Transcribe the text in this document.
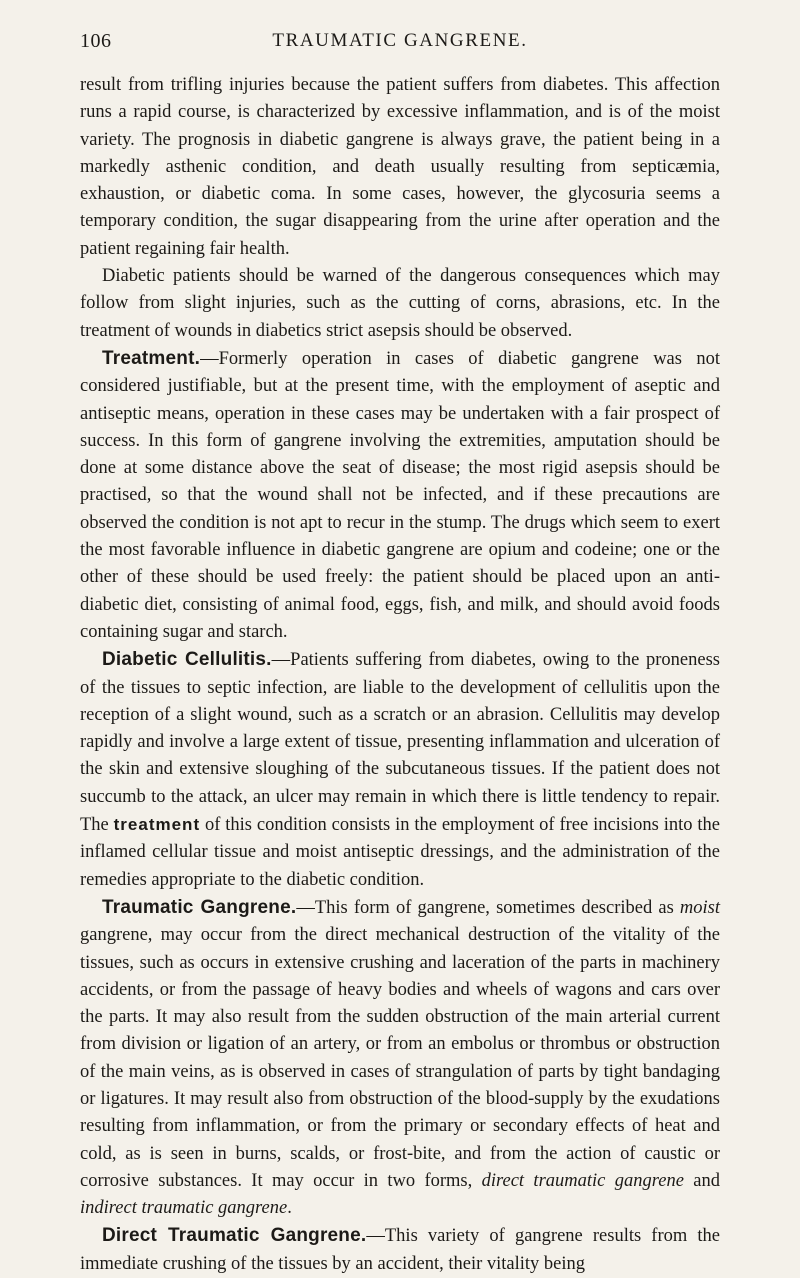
106	TRAUMATIC GANGRENE.

result from trifling injuries because the patient suffers from diabetes. This affection runs a rapid course, is characterized by excessive inflammation, and is of the moist variety. The prognosis in diabetic gangrene is always grave, the patient being in a markedly asthenic condition, and death usually resulting from septicæmia, exhaustion, or diabetic coma. In some cases, however, the glycosuria seems a temporary condition, the sugar disappearing from the urine after operation and the patient regaining fair health.

Diabetic patients should be warned of the dangerous consequences which may follow from slight injuries, such as the cutting of corns, abrasions, etc. In the treatment of wounds in diabetics strict asepsis should be observed.

Treatment.—Formerly operation in cases of diabetic gangrene was not considered justifiable, but at the present time, with the employment of aseptic and antiseptic means, operation in these cases may be undertaken with a fair prospect of success. In this form of gangrene involving the extremities, amputation should be done at some distance above the seat of disease; the most rigid asepsis should be practised, so that the wound shall not be infected, and if these precautions are observed the condition is not apt to recur in the stump. The drugs which seem to exert the most favorable influence in diabetic gangrene are opium and codeine; one or the other of these should be used freely: the patient should be placed upon an anti-diabetic diet, consisting of animal food, eggs, fish, and milk, and should avoid foods containing sugar and starch.

Diabetic Cellulitis.—Patients suffering from diabetes, owing to the proneness of the tissues to septic infection, are liable to the development of cellulitis upon the reception of a slight wound, such as a scratch or an abrasion. Cellulitis may develop rapidly and involve a large extent of tissue, presenting inflammation and ulceration of the skin and extensive sloughing of the subcutaneous tissues. If the patient does not succumb to the attack, an ulcer may remain in which there is little tendency to repair. The treatment of this condition consists in the employment of free incisions into the inflamed cellular tissue and moist antiseptic dressings, and the administration of the remedies appropriate to the diabetic condition.

Traumatic Gangrene.—This form of gangrene, sometimes described as moist gangrene, may occur from the direct mechanical destruction of the vitality of the tissues, such as occurs in extensive crushing and laceration of the parts in machinery accidents, or from the passage of heavy bodies and wheels of wagons and cars over the parts. It may also result from the sudden obstruction of the main arterial current from division or ligation of an artery, or from an embolus or thrombus or obstruction of the main veins, as is observed in cases of strangulation of parts by tight bandaging or ligatures. It may result also from obstruction of the blood-supply by the exudations resulting from inflammation, or from the primary or secondary effects of heat and cold, as is seen in burns, scalds, or frost-bite, and from the action of caustic or corrosive substances. It may occur in two forms, direct traumatic gangrene and indirect traumatic gangrene.

Direct Traumatic Gangrene.—This variety of gangrene results from the immediate crushing of the tissues by an accident, their vitality being
